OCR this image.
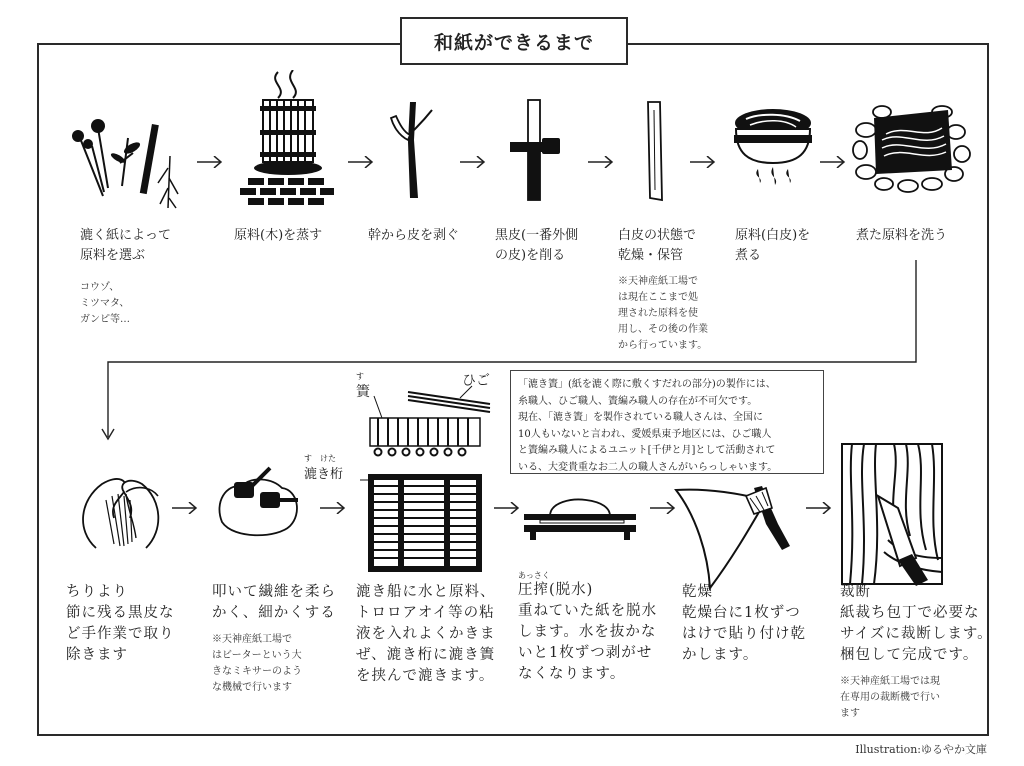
和紙ができるまで
漉く紙によって
原料を選ぶ
コウゾ、
ミツマタ、
ガンピ等…
原料(木)を蒸す	幹から皮を剥ぐ	黒皮(一番外側
の皮)を削る
白皮の状態で
乾燥・保管
※天神産紙工場で
は現在ここまで処
理された原料を使
用し、その後の作業
から行っています。
原料(白皮)を
煮る
煮た原料を洗う
す
簀
ひご
す　けた
漉き桁
「漉き簀」(紙を漉く際に敷くすだれの部分)の製作には、
糸職人、ひご職人、簀編み職人の存在が不可欠です。
現在、「漉き簀」を製作されている職人さんは、全国に
10人もいないと言われ、愛媛県東予地区には、ひご職人
と簀編み職人によるユニット[千伊と月]として活動されて
いる、大変貴重なお二人の職人さんがいらっしゃいます。
ちりより
節に残る黒皮な
ど手作業で取り
除きます
叩いて繊維を柔ら
かく、細かくする
※天神産紙工場で
はビーターという大
きなミキサーのよう
な機械で行います
漉き船に水と原料、
トロロアオイ等の粘
液を入れよくかきま
ぜ、漉き桁に漉き簀
を挟んで漉きます。
あっさく
圧搾(脱水)
重ねていた紙を脱水
します。水を抜かな
いと1枚ずつ剥がせ
なくなります。
乾燥
乾燥台に1枚ずつ
はけで貼り付け乾
かします。
裁断
紙裁ち包丁で必要な
サイズに裁断します。
梱包して完成です。
※天神産紙工場では現
在専用の裁断機で行い
ます
Illustration:ゆるやか文庫
